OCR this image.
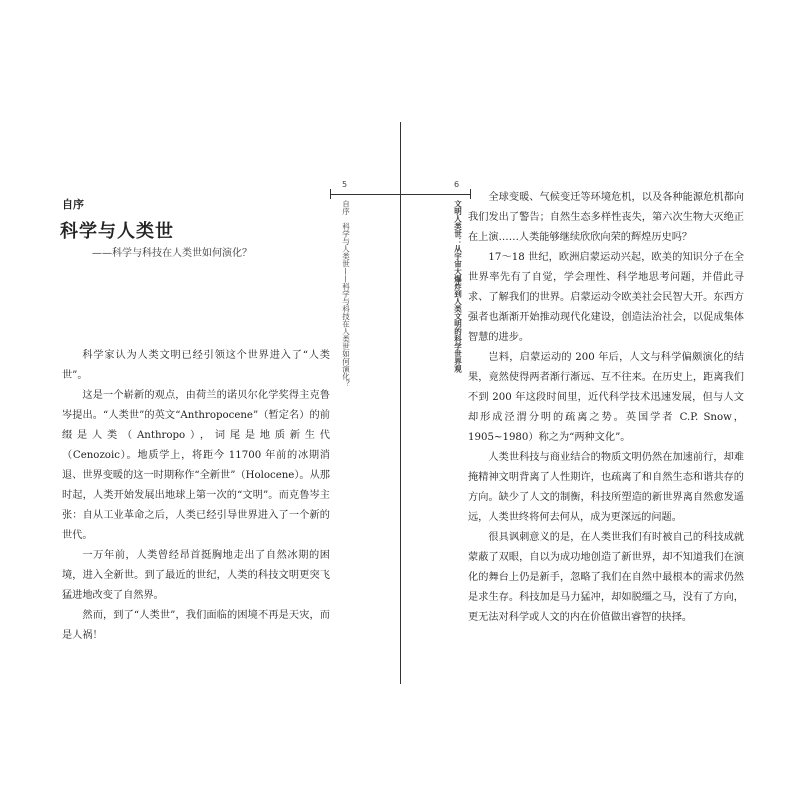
5	6
自序　科学与人类世——科学与科技在人类世如何演化？	文明人类世：从宇宙大爆炸到人类文明的科学世界观
自序
科学与人类世
——科学与科技在人类世如何演化？

科学家认为人类文明已经引领这个世界进入了“人类世”。

这是一个崭新的观点，由荷兰的诺贝尔化学奖得主克鲁岑提出。“人类世”的英文“Anthropocene”（暂定名）的前缀是人类（Anthropo），词尾是地质新生代（Cenozoic）。地质学上，将距今 11700 年前的冰期消退、世界变暖的这一时期称作“全新世”（Holocene）。从那时起，人类开始发展出地球上第一次的“文明”。而克鲁岑主张：自从工业革命之后，人类已经引导世界进入了一个新的世代。

一万年前，人类曾经昂首挺胸地走出了自然冰期的困境，进入全新世。到了最近的世纪，人类的科技文明更突飞猛进地改变了自然界。

然而，到了“人类世”，我们面临的困境不再是天灾，而是人祸！

全球变暖、气候变迁等环境危机，以及各种能源危机都向我们发出了警告；自然生态多样性丧失，第六次生物大灭绝正在上演……人类能够继续欣欣向荣的辉煌历史吗？

17～18 世纪，欧洲启蒙运动兴起，欧美的知识分子在全世界率先有了自觉，学会理性、科学地思考问题，并借此寻求、了解我们的世界。启蒙运动令欧美社会民智大开。东西方强者也渐渐开始推动现代化建设，创造法治社会，以促成集体智慧的进步。

岂料，启蒙运动的 200 年后，人文与科学偏颇演化的结果，竟然使得两者渐行渐远、互不往来。在历史上，距离我们不到 200 年这段时间里，近代科学技术迅速发展，但与人文却形成泾渭分明的疏离之势。英国学者 C.P. Snow，1905~1980）称之为“两种文化”。

人类世科技与商业结合的物质文明仍然在加速前行，却难掩精神文明背离了人性期许，也疏离了和自然生态和谐共存的方向。缺少了人文的制衡，科技所塑造的新世界离自然愈发遥远，人类世终将何去何从，成为更深远的问题。

很具讽刺意义的是，在人类世我们有时被自己的科技成就蒙蔽了双眼，自以为成功地创造了新世界，却不知道我们在演化的舞台上仍是新手，忽略了我们在自然中最根本的需求仍然是求生存。科技加是马力猛冲，却如脱缰之马，没有了方向，更无法对科学或人文的内在价值做出睿智的抉择。
